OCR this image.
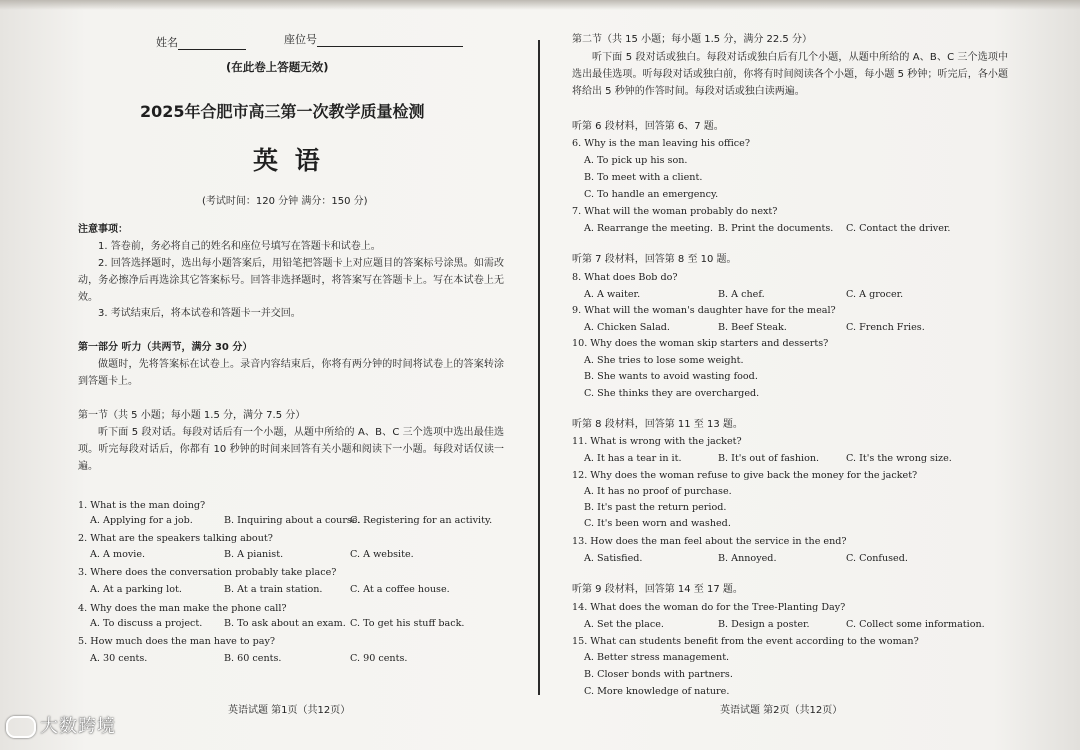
姓名	座位号
(在此卷上答题无效)
2025年合肥市高三第一次教学质量检测
英 语
(考试时间：120 分钟 满分：150 分)
注意事项：
1. 答卷前，务必将自己的姓名和座位号填写在答题卡和试卷上。
2. 回答选择题时，选出每小题答案后，用铅笔把答题卡上对应题目的答案标号涂黑。如需改动，务必擦净后再选涂其它答案标号。回答非选择题时，将答案写在答题卡上。写在本试卷上无效。
3. 考试结束后，将本试卷和答题卡一并交回。
第一部分 听力（共两节，满分 30 分）
做题时，先将答案标在试卷上。录音内容结束后，你将有两分钟的时间将试卷上的答案转涂到答题卡上。
第一节（共 5 小题；每小题 1.5 分，满分 7.5 分）
听下面 5 段对话。每段对话后有一个小题，从题中所给的 A、B、C 三个选项中选出最佳选项。听完每段对话后，你都有 10 秒钟的时间来回答有关小题和阅读下一小题。每段对话仅读一遍。
1. What is the man doing?
A. Applying for a job.	B. Inquiring about a course.
C. Registering for an activity.
2. What are the speakers talking about?
A. A movie.	B. A pianist.	C. A website.
3. Where does the conversation probably take place?
A. At a parking lot.	B. At a train station.	C. At a coffee house.
4. Why does the man make the phone call?
A. To discuss a project. B. To ask about an exam. C. To get his stuff back.
5. How much does the man have to pay?
A. 30 cents.	B. 60 cents.	C. 90 cents.
英语试题 第1页（共12页）
第二节（共 15 小题；每小题 1.5 分，满分 22.5 分）
听下面 5 段对话或独白。每段对话或独白后有几个小题，从题中所给的 A、B、C 三个选项中选出最佳选项。听每段对话或独白前，你将有时间阅读各个小题，每小题 5 秒钟；听完后，各小题将给出 5 秒钟的作答时间。每段对话或独白读两遍。
听第 6 段材料，回答第 6、7 题。
6. Why is the man leaving his office?
A. To pick up his son.
B. To meet with a client.
C. To handle an emergency.
7. What will the woman probably do next?
A. Rearrange the meeting. B. Print the documents. C. Contact the driver.
听第 7 段材料，回答第 8 至 10 题。
8. What does Bob do?
A. A waiter.	B. A chef.	C. A grocer.
9. What will the woman's daughter have for the meal?
A. Chicken Salad.	B. Beef Steak.	C. French Fries.
10. Why does the woman skip starters and desserts?
A. She tries to lose some weight.
B. She wants to avoid wasting food.
C. She thinks they are overcharged.
听第 8 段材料，回答第 11 至 13 题。
11. What is wrong with the jacket?
A. It has a tear in it.	B. It's out of fashion.	C. It's the wrong size.
12. Why does the woman refuse to give back the money for the jacket?
A. It has no proof of purchase.
B. It's past the return period.
C. It's been worn and washed.
13. How does the man feel about the service in the end?
A. Satisfied.	B. Annoyed.	C. Confused.
听第 9 段材料，回答第 14 至 17 题。
14. What does the woman do for the Tree-Planting Day?
A. Set the place.	B. Design a poster.	C. Collect some information.
15. What can students benefit from the event according to the woman?
A. Better stress management.
B. Closer bonds with partners.
C. More knowledge of nature.
英语试题 第2页（共12页）
大数跨境
